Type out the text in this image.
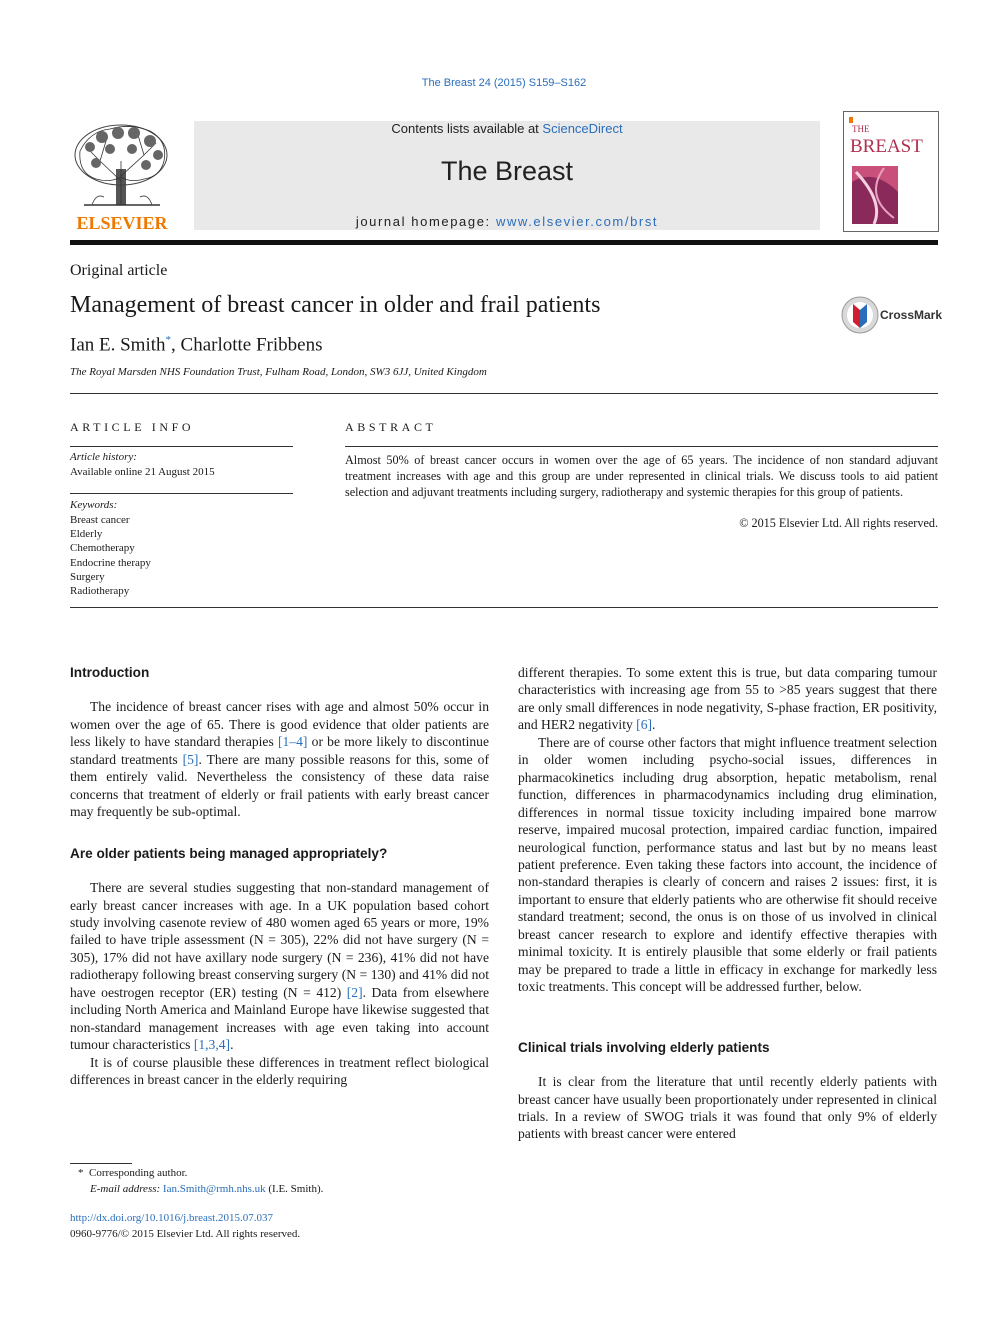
The Breast 24 (2015) S159–S162
ELSEVIER
Contents lists available at ScienceDirect
The Breast
journal homepage: www.elsevier.com/brst
THE
BREAST
Original article
Management of breast cancer in older and frail patients	CrossMark
Ian E. Smith*, Charlotte Fribbens
The Royal Marsden NHS Foundation Trust, Fulham Road, London, SW3 6JJ, United Kingdom
ARTICLE INFO
Article history:
Available online 21 August 2015
Keywords:
Breast cancer
Elderly
Chemotherapy
Endocrine therapy
Surgery
Radiotherapy
ABSTRACT
Almost 50% of breast cancer occurs in women over the age of 65 years. The incidence of non standard adjuvant treatment increases with age and this group are under represented in clinical trials. We discuss tools to aid patient selection and adjuvant treatments including surgery, radiotherapy and systemic therapies for this group of patients.
© 2015 Elsevier Ltd. All rights reserved.
Introduction

The incidence of breast cancer rises with age and almost 50% occur in women over the age of 65. There is good evidence that older patients are less likely to have standard therapies [1–4] or be more likely to discontinue standard treatments [5]. There are many possible reasons for this, some of them entirely valid. Nevertheless the consistency of these data raise concerns that treatment of elderly or frail patients with early breast cancer may frequently be sub-optimal.

Are older patients being managed appropriately?

There are several studies suggesting that non-standard management of early breast cancer increases with age. In a UK population based cohort study involving casenote review of 480 women aged 65 years or more, 19% failed to have triple assessment (N = 305), 22% did not have surgery (N = 305), 17% did not have axillary node surgery (N = 236), 41% did not have radiotherapy following breast conserving surgery (N = 130) and 41% did not have oestrogen receptor (ER) testing (N = 412) [2]. Data from elsewhere including North America and Mainland Europe have likewise suggested that non-standard management increases with age even taking into account tumour characteristics [1,3,4].

It is of course plausible these differences in treatment reflect biological differences in breast cancer in the elderly requiring

different therapies. To some extent this is true, but data comparing tumour characteristics with increasing age from 55 to >85 years suggest that there are only small differences in node negativity, S-phase fraction, ER positivity, and HER2 negativity [6].

There are of course other factors that might influence treatment selection in older women including psycho-social issues, differences in pharmacokinetics including drug absorption, hepatic metabolism, renal function, differences in pharmacodynamics including drug elimination, differences in normal tissue toxicity including impaired bone marrow reserve, impaired mucosal protection, impaired cardiac function, impaired neurological function, performance status and last but by no means least patient preference. Even taking these factors into account, the incidence of non-standard therapies is clearly of concern and raises 2 issues: first, it is important to ensure that elderly patients who are otherwise fit should receive standard treatment; second, the onus is on those of us involved in clinical breast cancer research to explore and identify effective therapies with minimal toxicity. It is entirely plausible that some elderly or frail patients may be prepared to trade a little in efficacy in exchange for markedly less toxic treatments. This concept will be addressed further, below.

Clinical trials involving elderly patients

It is clear from the literature that until recently elderly patients with breast cancer have usually been proportionately under represented in clinical trials. In a review of SWOG trials it was found that only 9% of elderly patients with breast cancer were entered

* Corresponding author.
E-mail address: Ian.Smith@rmh.nhs.uk (I.E. Smith).
http://dx.doi.org/10.1016/j.breast.2015.07.037
0960-9776/© 2015 Elsevier Ltd. All rights reserved.
